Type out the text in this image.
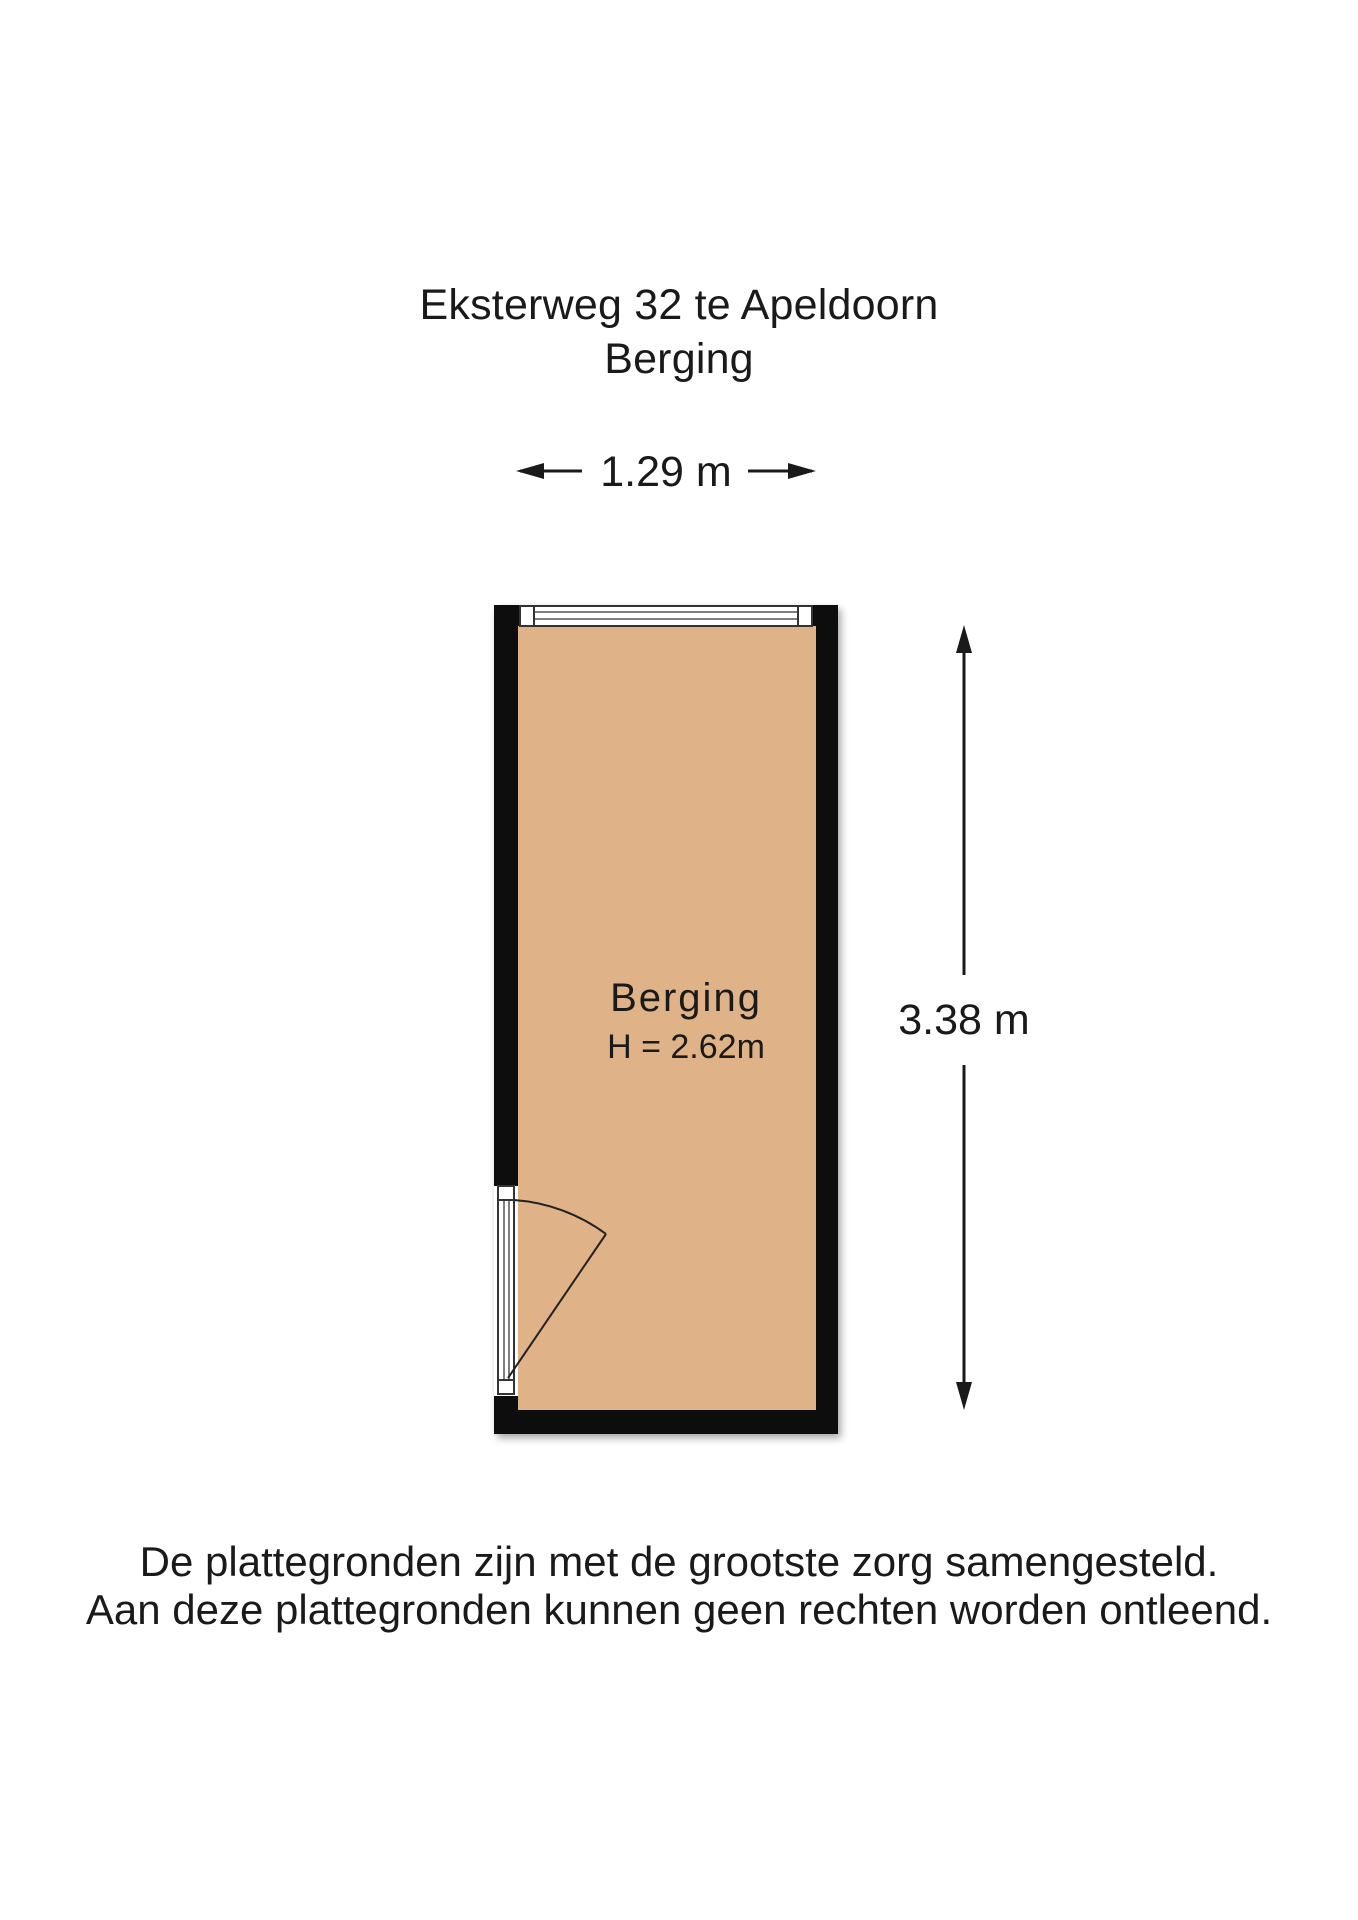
Eksterweg 32 te Apeldoorn
Berging
1.29 m
3.38 m
Berging
H = 2.62m
De plattegronden zijn met de grootste zorg samengesteld.
Aan deze plattegronden kunnen geen rechten worden ontleend.
